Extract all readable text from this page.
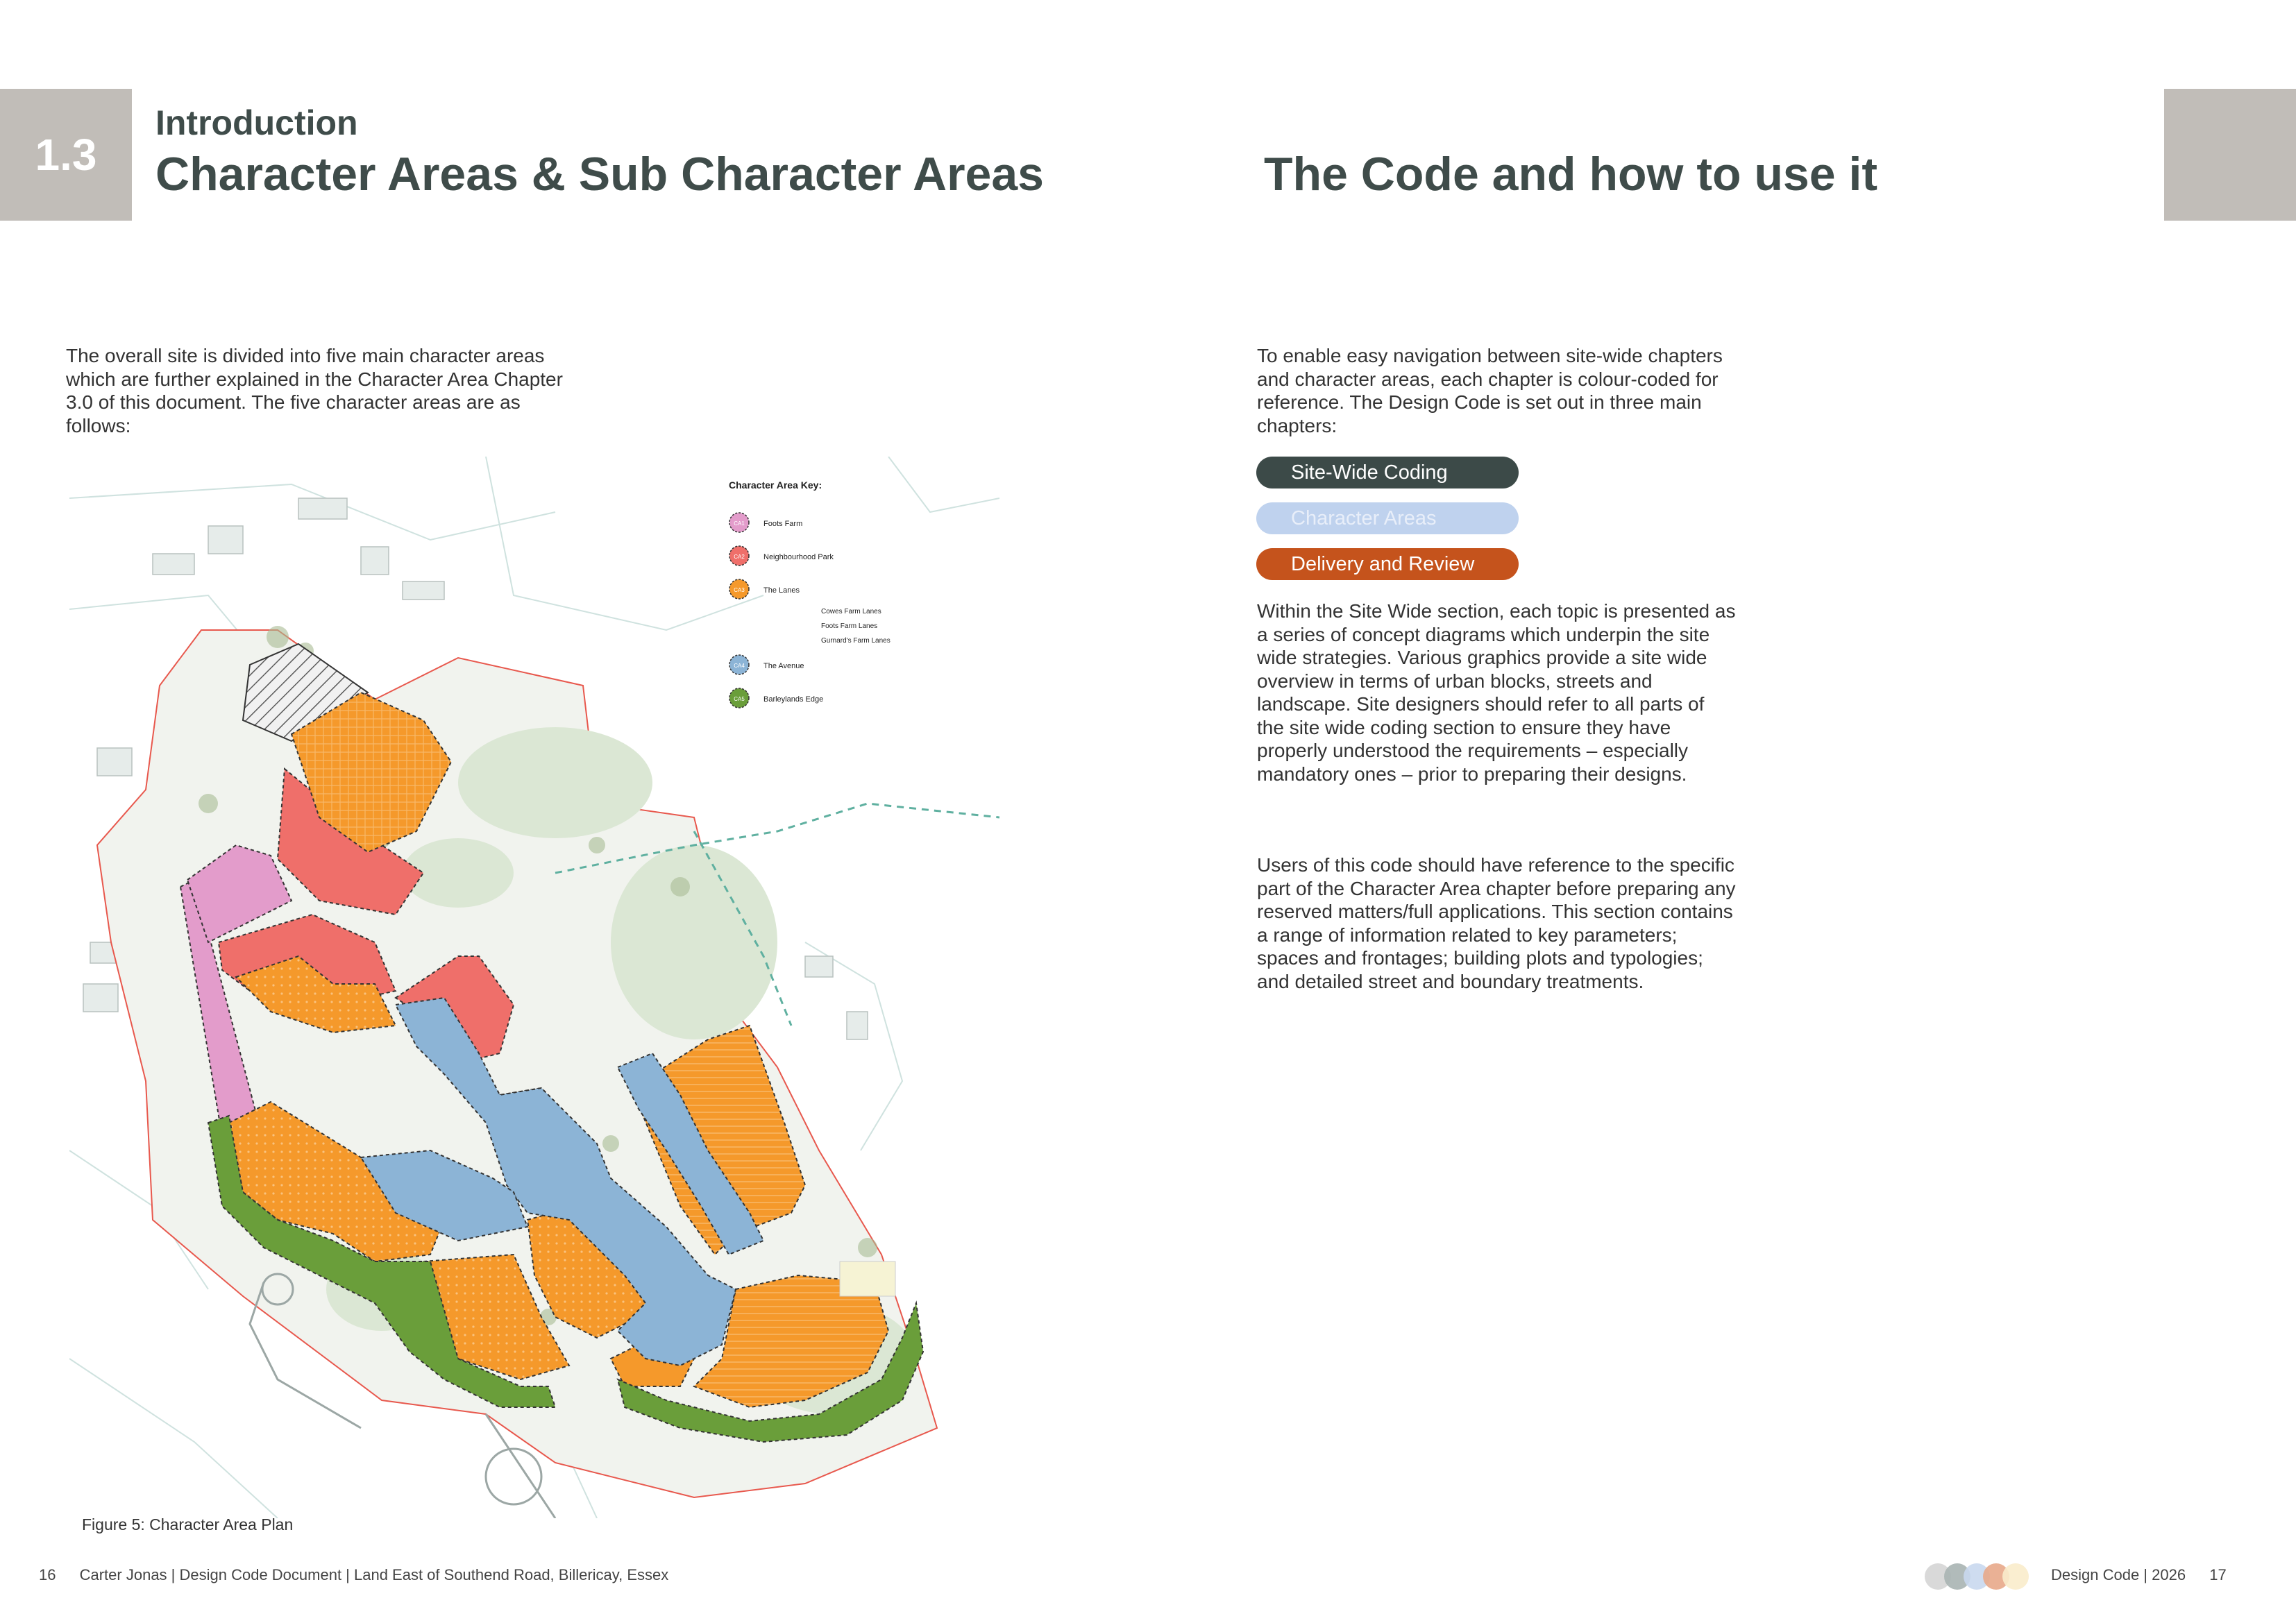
1.3
Introduction
Character Areas & Sub Character Areas	The Code and how to use it
The overall site is divided into five main character areas which are further explained in the Character Area Chapter 3.0 of this document. The five character areas are as follows:
Character Area Key:
CA1 Foots Farm
CA2 Neighbourhood Park
CA3 The Lanes
Cowes Farm Lanes
Foots Farm Lanes
Gurnard's Farm Lanes
CA4 The Avenue
CA5 Barleylands Edge
Figure 5: Character Area Plan
To enable easy navigation between site-wide chapters and character areas, each chapter is colour-coded for reference. The Design Code is set out in three main chapters:
Site-Wide Coding
Character Areas
Delivery and Review
Within the Site Wide section, each topic is presented as a series of concept diagrams which underpin the site wide strategies. Various graphics provide a site wide overview in terms of urban blocks, streets and landscape. Site designers should refer to all parts of the site wide coding section to ensure they have properly understood the requirements – especially mandatory ones – prior to preparing their designs.
Users of this code should have reference to the specific part of the Character Area chapter before preparing any reserved matters/full applications. This section contains a range of information related to key parameters; spaces and frontages; building plots and typologies; and detailed street and boundary treatments.
16 Carter Jonas | Design Code Document | Land East of Southend Road, Billericay, Essex	Design Code | 2026 17
